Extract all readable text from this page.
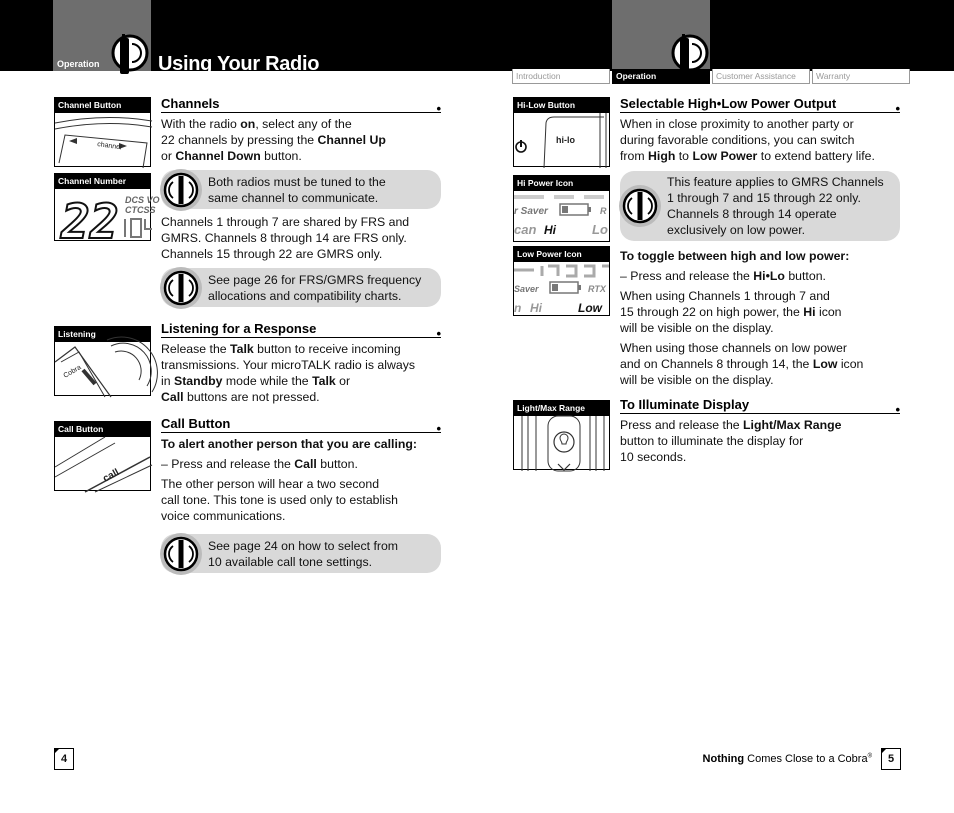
Operation	Using Your Radio
Introduction	Operation	Customer Assistance	Warranty
Channel Button
channel
Channel Number
22 DCS VO
CTCSS
Listening
Cobra
Call Button
call
Hi-Low Button
hi-lo
Hi Power Icon
r Saver	R
can Hi	Lo
Low Power Icon
Saver	RTX
n Hi	Low
Light/Max Range
Channels	•
With the radio on, select any of the
22 channels by pressing the Channel Up
or Channel Down button.
Both radios must be tuned to the
same channel to communicate.
Channels 1 through 7 are shared by FRS and
GMRS. Channels 8 through 14 are FRS only.
Channels 15 through 22 are GMRS only.
See page 26 for FRS/GMRS frequency
allocations and compatibility charts.
Listening for a Response	•
Release the Talk button to receive incoming
transmissions. Your microTALK radio is always
in Standby mode while the Talk or
Call buttons are not pressed.
Call Button	•
To alert another person that you are calling:
– Press and release the Call button.
The other person will hear a two second
call tone. This tone is used only to establish
voice communications.
See page 24 on how to select from
10 available call tone settings.
Selectable High•Low Power Output	•
When in close proximity to another party or
during favorable conditions, you can switch
from High to Low Power to extend battery life.
This feature applies to GMRS Channels
1 through 7 and 15 through 22 only.
Channels 8 through 14 operate
exclusively on low power.
To toggle between high and low power:
– Press and release the Hi•Lo button.
When using Channels 1 through 7 and
15 through 22 on high power, the Hi icon
will be visible on the display.
When using those channels on low power
and on Channels 8 through 14, the Low icon
will be visible on the display.
To Illuminate Display	•
Press and release the Light/Max Range
button to illuminate the display for
10 seconds.
4	Nothing Comes Close to a Cobra®	5
